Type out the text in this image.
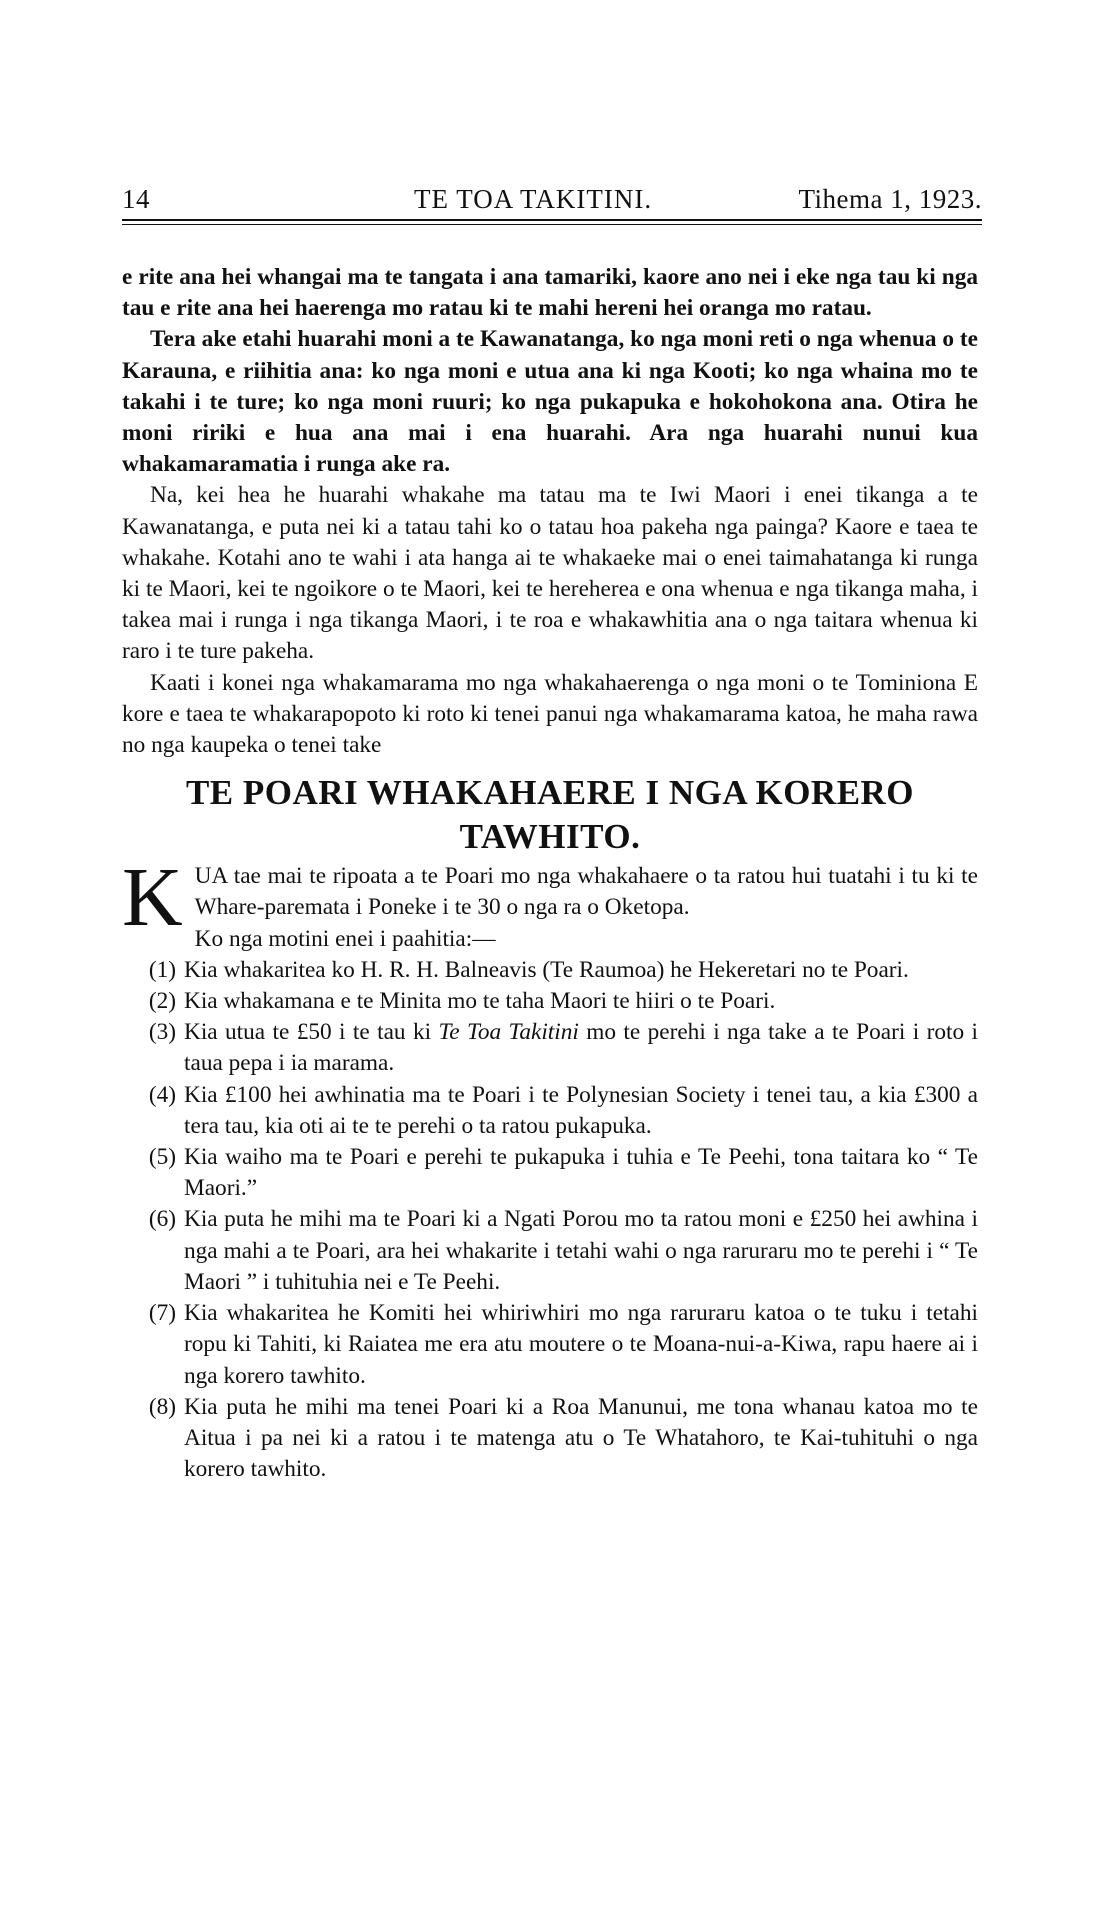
14	TE TOA TAKITINI.	Tihema 1, 1923.

e rite ana hei whangai ma te tangata i ana tamariki, kaore ano nei i eke nga tau ki nga tau e rite ana hei haerenga mo ratau ki te mahi hereni hei oranga mo ratau.

Tera ake etahi huarahi moni a te Kawanatanga, ko nga moni reti o nga whenua o te Karauna, e riihitia ana: ko nga moni e utua ana ki nga Kooti; ko nga whaina mo te takahi i te ture; ko nga moni ruuri; ko nga pukapuka e hokohokona ana. Otira he moni ririki e hua ana mai i ena huarahi. Ara nga huarahi nunui kua whakamaramatia i runga ake ra.

Na, kei hea he huarahi whakahe ma tatau ma te Iwi Maori i enei tikanga a te Kawanatanga, e puta nei ki a tatau tahi ko o tatau hoa pakeha nga painga? Kaore e taea te whakahe. Kotahi ano te wahi i ata hanga ai te whakaeke mai o enei taimahatanga ki runga ki te Maori, kei te ngoikore o te Maori, kei te hereherea e ona whenua e nga tikanga maha, i takea mai i runga i nga tikanga Maori, i te roa e whakawhitia ana o nga taitara whenua ki raro i te ture pakeha.

Kaati i konei nga whakamarama mo nga whakahaerenga o nga moni o te Tominiona E kore e taea te whakarapopoto ki roto ki tenei panui nga whakamarama katoa, he maha rawa no nga kaupeka o tenei take

TE POARI WHAKAHAERE I NGA KORERO TAWHITO.

K UA tae mai te ripoata a te Poari mo nga whakahaere o ta ratou hui tuatahi i tu ki te Whare-paremata i Poneke i te 30 o nga ra o Oketopa.

Ko nga motini enei i paahitia:—

(1) Kia whakaritea ko H. R. H. Balneavis (Te Raumoa) he Hekeretari no te Poari.
(2) Kia whakamana e te Minita mo te taha Maori te hiiri o te Poari.
(3) Kia utua te £50 i te tau ki Te Toa Takitini mo te perehi i nga take a te Poari i roto i taua pepa i ia marama.
(4) Kia £100 hei awhinatia ma te Poari i te Polynesian Society i tenei tau, a kia £300 a tera tau, kia oti ai te te perehi o ta ratou pukapuka.
(5) Kia waiho ma te Poari e perehi te pukapuka i tuhia e Te Peehi, tona taitara ko “ Te Maori.”
(6) Kia puta he mihi ma te Poari ki a Ngati Porou mo ta ratou moni e £250 hei awhina i nga mahi a te Poari, ara hei whakarite i tetahi wahi o nga raruraru mo te perehi i “ Te Maori ” i tuhituhia nei e Te Peehi.
(7) Kia whakaritea he Komiti hei whiriwhiri mo nga raruraru katoa o te tuku i tetahi ropu ki Tahiti, ki Raiatea me era atu moutere o te Moana-nui-a-Kiwa, rapu haere ai i nga korero tawhito.
(8) Kia puta he mihi ma tenei Poari ki a Roa Manunui, me tona whanau katoa mo te Aitua i pa nei ki a ratou i te matenga atu o Te Whatahoro, te Kai-tuhituhi o nga korero tawhito.
